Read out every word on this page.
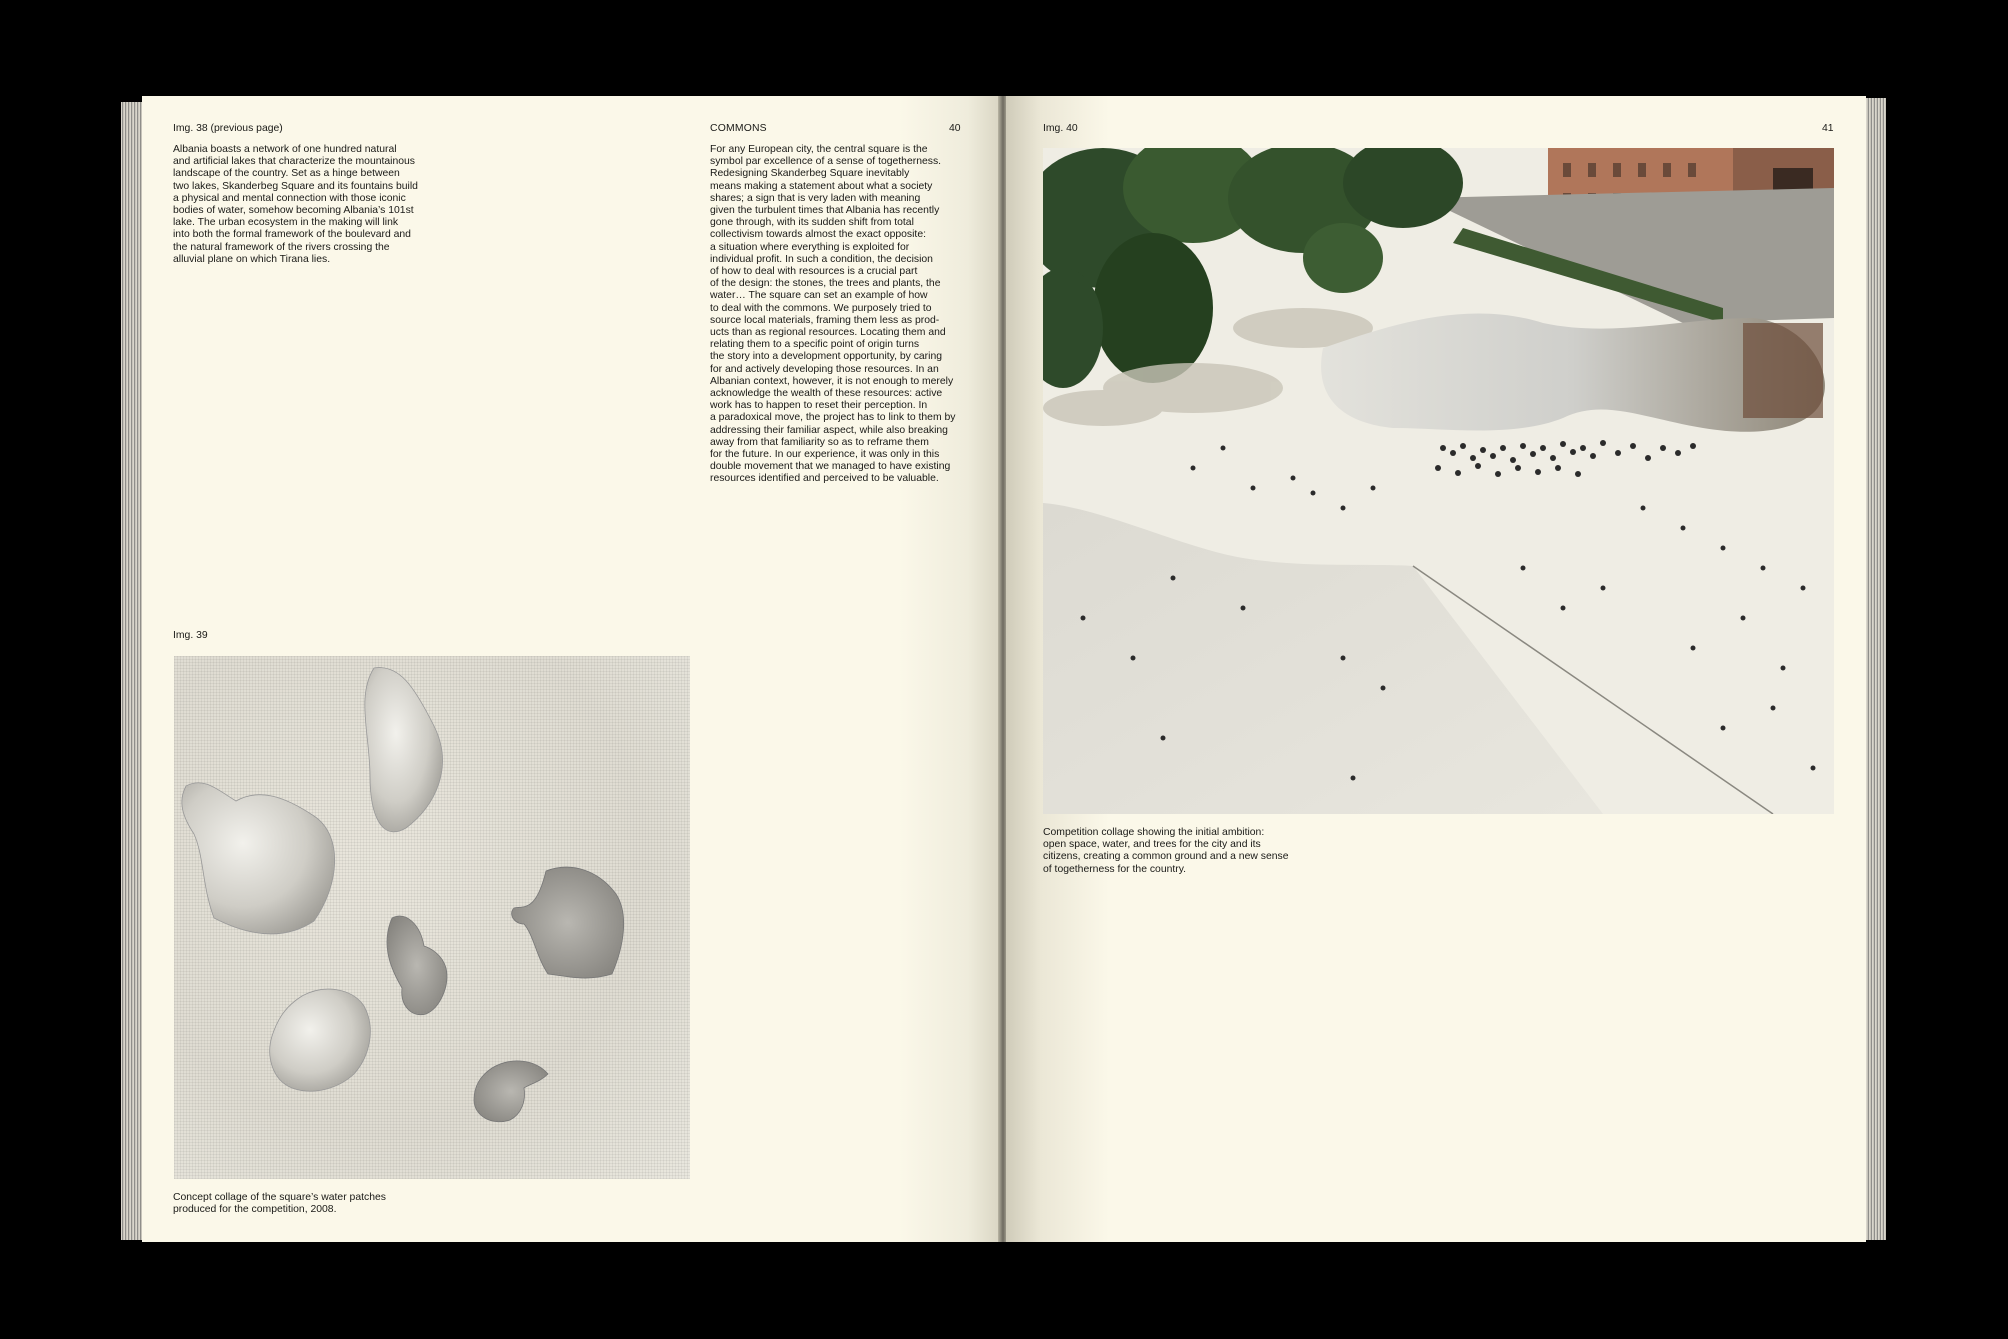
Img. 38 (previous page)
Albania boasts a network of one hundred natural
and artificial lakes that characterize the mountainous
landscape of the country. Set as a hinge between
two lakes, Skanderbeg Square and its fountains build
a physical and mental connection with those iconic
bodies of water, somehow becoming Albania’s 101st
lake. The urban ecosystem in the making will link
into both the formal framework of the boulevard and
the natural framework of the rivers crossing the
alluvial plane on which Tirana lies.
COMMONS	40

For any European city, the central square is the

symbol par excellence of a sense of togetherness.

Redesigning Skanderbeg Square inevitably

means making a statement about what a society

shares; a sign that is very laden with meaning

given the turbulent times that Albania has recently

gone through, with its sudden shift from total

collectivism towards almost the exact opposite:

a situation where everything is exploited for

individual profit. In such a condition, the decision

of how to deal with resources is a crucial part

of the design: the stones, the trees and plants, the

water… The square can set an example of how

to deal with the commons. We purposely tried to

source local materials, framing them less as prod-

ucts than as regional resources. Locating them and

relating them to a specific point of origin turns

the story into a development opportunity, by caring

for and actively developing those resources. In an

Albanian context, however, it is not enough to merely

acknowledge the wealth of these resources: active

work has to happen to reset their perception. In

a paradoxical move, the project has to link to them by

addressing their familiar aspect, while also breaking

away from that familiarity so as to reframe them

for the future. In our experience, it was only in this

double movement that we managed to have existing

resources identified and perceived to be valuable.

Img. 39
Concept collage of the square’s water patches
produced for the competition, 2008.
Img. 40	41
Competition collage showing the initial ambition:
open space, water, and trees for the city and its
citizens, creating a common ground and a new sense
of togetherness for the country.
